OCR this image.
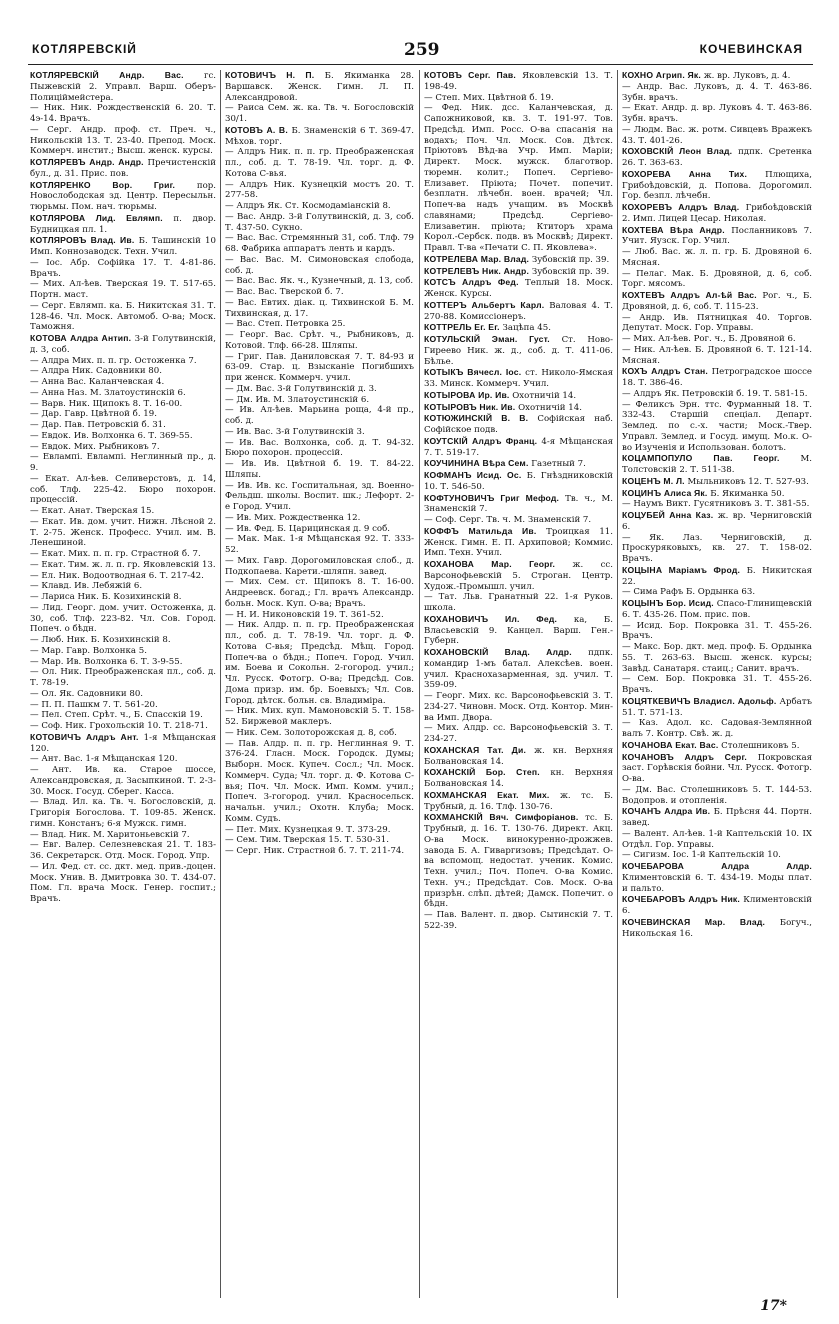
КОТЛЯРЕВСКІЙ	259	КОЧЕВИНСКАЯ
КОТЛЯРЕВСКІЙ Андр. Вас. гс. Пыжевскій 2. Управл. Варш. Оберъ-Полиціймейстера.
— Ник. Ник. Рождественскій 6. 20. Т. 4э-14. Врачъ.
— Серг. Андр. проф. ст. Преч. ч., Никольскій 13. Т. 23-40. Препод. Моск. Коммерч. инстит.; Высш. женск. курсы.
КОТЛЯРЕВЪ Андр. Андр. Пречистенскій бул., д. 31. Прис. пов.
КОТЛЯРЕНКО Вор. Григ. пор. Новослободская зд. Центр. Пересыльн. тюрьмы. Пом. нач. тюрьмы.
КОТЛЯРОВА Лид. Евлямп. п. двор. Будницкая пл. 1.
КОТЛЯРОВЪ Влад. Ив. Б. Ташинскій 10 Имп. Коннозаводск. Техн. Учил.
— Іос. Абр. Софійка 17. Т. 4-81-86. Врачъ.
— Мих. Ал-ѣев. Тверская 19. Т. 517-65. Портн. маст.
— Серг. Евлямп. ка. Б. Никитская 31. Т. 128-46. Чл. Моск. Автомоб. О-ва; Моск. Таможня.
КОТОВА Алдра Антип. 3-й Голутвинскій, д. 3, соб.
— Алдра Мих. п. п. гр. Остоженка 7.
— Алдра Ник. Садовники 80.
— Анна Вас. Каланчевская 4.
— Анна Наз. М. Златоустинскій 6.
— Варв. Ник. Щипокъ 8. Т. 16-00.
— Дар. Гавр. Цвѣтной б. 19.
— Дар. Пав. Петровскій б. 31.
— Евдок. Ив. Волхонка 6. Т. 369-55.
— Евдок. Мих. Рыбниковъ 7.
— Евлампі. Евлампі. Неглинный пр., д. 9.
— Екат. Ал-ѣев. Селиверстовъ, д. 14, соб. Тлф. 225-42. Бюро похорон. процессій.
— Екат. Анат. Тверская 15.
— Екат. Ив. дом. учит. Нижн. Лѣсной 2. Т. 2-75. Женск. Професс. Учил. им. В. Ленешиной.
— Екат. Мих. п. п. гр. Страстной б. 7.
— Екат. Тим. ж. л. п. гр. Яковлевскій 13.
— Ел. Ник. Водоотводная 6. Т. 217-42.
— Клавд. Ив. Лебяжій 6.
— Лариса Ник. Б. Козихинскій 8.
— Лид. Георг. дом. учит. Остоженка, д. 30, соб. Тлф. 223-82. Чл. Сов. Город. Попеч. о бѣдн.
— Люб. Ник. Б. Козихинскій 8.
— Мар. Гавр. Волхонка 5.
— Мар. Ив. Волхонка 6. Т. 3-9-55.
— Ол. Ник. Преображенская пл., соб. д. Т. 78-19.
— Ол. Як. Садовники 80.
— П. П. Пашкм 7. Т. 561-20.
— Пел. Степ. Срѣт. ч., Б. Спасскій 19.
— Соф. Ник. Грохольскій 10. Т. 218-71.
КОТОВИЧЪ Алдръ Ант. 1-я Мѣщанская 120.
— Ант. Вас. 1-я Мѣщанская 120.
— Ант. Ив. ка. Старое шоссе, Александровская, д. Засыпкиной. Т. 2-3-30. Моск. Госуд. Сберег. Касса.
— Влад. Ил. ка. Тв. ч. Богословскій, д. Григорія Богослова. Т. 109-85. Женск. гимн. Констанъ; 6-я Мужск. гимн.
— Влад. Ник. М. Харитоньевскій 7.
— Евг. Валер. Селезневская 21. Т. 183-36. Секретарск. Отд. Моск. Город. Упр.
— Ил. Фед. ст. сс. дкт. мед. прив.-доцен. Моск. Унив. В. Дмитровка 30. Т. 434-07. Пом. Гл. врача Моск. Генер. госпит.; Врачъ.
КОТОВИЧЪ Н. П. Б. Якиманка 28. Варшавск. Женск. Гимн. Л. П. Александровой.
— Раиса Сем. ж. ка. Тв. ч. Богословскій 30/1.
КОТОВЪ А. В. Б. Знаменскій 6 Т. 369-47. Мѣхов. торг.
— Алдръ Ник. п. п. гр. Преображенская пл., соб. д. Т. 78-19. Чл. торг. д. Ф. Котова С-вья.
— Алдръ Ник. Кузнецкій мостъ 20. Т. 277-58.
— Алдръ Як. Ст. Космодаміанскій 8.
— Вас. Андр. 3-й Голутвинскій, д. 3, соб. Т. 437-50. Сукно.
— Вас. Вас. Стремянный 31, соб. Тлф. 79 68. Фабрика аппаратъ ленть и кардъ.
— Вас. Вас. М. Симоновская слобода, соб. д.
— Вас. Вас. Як. ч., Кузнечный, д. 13, соб.
— Вас. Вас. Тверской б. 7.
— Вас. Евтих. діак. ц. Тихвинской Б. М. Тихвинская, д. 17.
— Вас. Степ. Петровка 25.
— Георг. Вас. Срѣт. ч., Рыбниковъ, д. Котовой. Тлф. 66-28. Шляпы.
— Григ. Пав. Даниловская 7. Т. 84-93 и 63-09. Стар. ц. Взысканіе Погибшихъ при женск. Коммерч. учил.
— Дм. Вас. 3-й Голутвинскій д. 3.
— Дм. Ив. М. Златоустинскій 6.
— Ив. Ал-ѣев. Марьина роща, 4-й пр., соб. д.
— Ив. Вас. 3-й Голутвинскій 3.
— Ив. Вас. Волхонка, соб. д. Т. 94-32. Бюро похорон. процессій.
— Ив. Ив. Цвѣтной б. 19. Т. 84-22. Шляпы.
— Ив. Ив. кс. Госпитальная, зд. Военно-Фельдш. школы. Воспит. шк.; Лефорт. 2-е Город. Учил.
— Ив. Мих. Рождественка 12.
— Ив. Фед. Б. Царицинская д. 9 соб.
— Мак. Мак. 1-я Мѣщанская 92. Т. 333-52.
— Мих. Гавр. Дорогомиловская слоб., д. Подкопаева. Карети.-шляпн. завед.
— Мих. Сем. ст. Щипокъ 8. Т. 16-00. Андреевск. богад.; Гл. врачъ Александр. больн. Моск. Куп. О-ва; Врачъ.
— Н. И. Никоновскій 19. Т. 361-52.
— Ник. Алдр. п. п. гр. Преображенская пл., соб. д. Т. 78-19. Чл. торг. д. Ф. Котова С-вья; Предсѣд. Мѣщ. Город. Попеч-ва о бѣдн.; Попеч. Город. Учил. им. Боева и Сокольн. 2-гогород. учил.; Чл. Русск. Фотогр. О-ва; Предсѣд. Сов. Дома призр. им. бр. Боевыхъ; Чл. Сов. Город. дѣтск. больн. св. Владиміра.
— Ник. Мих. куп. Мамоновскій 5. Т. 158-52. Биржевой маклеръ.
— Ник. Сем. Золоторожская д. 8, соб.
— Пав. Алдр. п. п. гр. Неглинная 9. Т. 376-24. Гласн. Моск. Городск. Думы; Выборн. Моск. Купеч. Сосл.; Чл. Моск. Коммерч. Суда; Чл. торг. д. Ф. Котова С-вья; Поч. Чл. Моск. Имп. Комм. учил.; Попеч. 3-гогород. учил. Красносельск. начальн. учил.; Охотн. Клуба; Моск. Комм. Судъ.
— Пет. Мих. Кузнецкая 9. Т. 373-29.
— Сем. Тим. Тверская 15. Т. 530-31.
— Серг. Ник. Страстной б. 7. Т. 211-74.
КОТОВЪ Серг. Пав. Яковлевскій 13. Т. 198-49.
— Степ. Мих. Цвѣтной б. 19.
— Фед. Ник. дсс. Каланчевская, д. Сапожниковой, кв. 3. Т. 191-97. Тов. Предсѣд. Имп. Росс. О-ва спасанія на водахъ; Поч. Чл. Моск. Сов. Дѣтск. Пріютовъ Вѣд-ва Учр. Имп. Маріи; Директ. Моск. мужск. благотвор. тюремн. колит.; Попеч. Сергіево-Елизавет. Пріюта; Почет. попечит. безплатн. лѣчебн. воен. врачей; Чл. Попеч-ва надъ учащим. въ Москвѣ славянами; Предсѣд. Сергіево-Елизаветин. пріюта; Ктиторъ храма Корол.-Сербск. подв. въ Москвѣ; Директ. Правл. Т-ва «Печати С. П. Яковлева».
КОТРЕЛЕВА Мар. Влад. Зубовскій пр. 39.
КОТРЕЛЕВЪ Ник. Андр. Зубовскій пр. 39.
КОТСЪ Алдръ Фед. Теплый 18. Моск. Женск. Курсы.
КОТТЕРЪ Альбертъ Карл. Валовая 4. Т. 270-88. Комиссіонеръ.
КОТТРЕЛЬ Ег. Ег. Зацѣпа 45.
КОТУЛЬСКІЙ Эман. Густ. Ст. Ново-Гиреево Ник. ж. д., соб. д. Т. 411-06. Бѣлье.
КОТЫКЪ Вячесл. Іос. ст. Николо-Ямская 33. Минск. Коммерч. Учил.
КОТЫРОВА Ир. Ив. Охотничій 14.
КОТЫРОВЪ Ник. Ив. Охотничій 14.
КОТЮЖИНСКІЙ В. В. Софійская наб. Софійское подв.
КОУТСКІЙ Алдръ Франц. 4-я Мѣщанская 7. Т. 519-17.
КОУЧИНИНА Вѣра Сем. Газетный 7.
КОФМАНЪ Исид. Ос. Б. Гнѣздниковскій 10. Т. 546-50.
КОФТУНОВИЧЪ Григ Мефод. Тв. ч., М. Знаменскій 7.
— Соф. Серг. Тв. ч. М. Знаменскій 7.
КОФФЪ Матильда Ив. Троицкая 11. Женск. Гимн. Е. П. Архиповой; Коммис. Имп. Техн. Учил.
КОХАНОВА Мар. Георг. ж. сс. Варсонофьевскій 5. Строган. Центр. Худож.-Промышл. учил.
— Тат. Льв. Гранатный 22. 1-я Руков. школа.
КОХАНОВИЧЪ Ил. Фед. ка, Б. Власьевскій 9. Канцел. Варш. Ген.-Губерн.
КОХАНОВСКІЙ Влад. Алдр. пдпк. командир 1-мъ батал. Алексѣев. воен. учил. Краснохазарменная, зд. учил. Т. 359-09.
— Георг. Мих. кс. Варсонофьевскій 3. Т. 234-27. Чиновн. Моск. Отд. Контор. Мин-ва Имп. Двора.
— Мих. Алдр. сс. Варсонофьевскій 3. Т. 234-27.
КОХАНСКАЯ Тат. Ди. ж. кн. Верхняя Болвановская 14.
КОХАНСКІЙ Бор. Степ. кн. Верхняя Болвановская 14.
КОХМАНСКАЯ Екат. Мих. ж. тс. Б. Трубный, д. 16. Тлф. 130-76.
КОХМАНСКІЙ Вяч. Симфоріанов. тс. Б. Трубный, д. 16. Т. 130-76. Директ. Акц. О-ва Моск. винокуренно-дрожжев. завода Б. А. Гиваргизовъ; Предсѣдат. О-ва вспомощ. недостат. ученик. Комис. Техн. учил.; Поч. Попеч. О-ва Комис. Техн. уч.; Предсѣдат. Сов. Моск. О-ва призрѣн. слѣп. дѣтей; Дамск. Попечит. о бѣдн.
— Пав. Валент. п. двор. Сытинскій 7. Т. 522-39.
КОХНО Агрип. Як. ж. вр. Луковъ, д. 4.
— Андр. Вас. Луковъ, д. 4. Т. 463-86. Зубн. врачъ.
— Екат. Андр. д. вр. Луковъ 4. Т. 463-86. Зубн. врачъ.
— Людм. Вас. ж. ротм. Сивцевъ Вражекъ 43. Т. 401-26.
КОХОВСКІЙ Леон Влад. пдпк. Сретенка 26. Т. 363-63.
КОХОРЕВА Анна Тих. Плющиха, Грибоѣдовскій, д. Попова. Дорогомил. Гор. безпл. лѣчебн.
КОХОРЕВЪ Алдръ Влад. Грибоѣдовскій 2. Имп. Лицей Цесар. Николая.
КОХТЕВА Вѣра Андр. Посланниковъ 7. Учит. Яузск. Гор. Учил.
— Люб. Вас. ж. л. п. гр. Б. Дровяной 6. Мясная.
— Пелаг. Мак. Б. Дровяной, д. 6, соб. Торг. мясомъ.
КОХТЕВЪ Алдръ Ал-ѣй Вас. Рог. ч., Б. Дровяной, д. 6, соб. Т. 115-23.
— Андр. Ив. Пятницкая 40. Торгов. Депутат. Моск. Гор. Управы.
— Мих. Ал-ѣев. Рог. ч., Б. Дровяной 6.
— Ник. Ал-ѣев. Б. Дровяной 6. Т. 121-14. Мясная.
КОХЪ Алдръ Стан. Петроградское шоссе 18. Т. 386-46.
— Алдръ Як. Петровскій б. 19. Т. 581-15.
— Феликсъ Эрн. ттс. Фурманный 18. Т. 332-43. Старшій спеціал. Департ. Землед. по с.-х. части; Моск.-Твер. Управл. Землед. и Госуд. имущ. Мо.к. О-во Изученія и Использован. болотъ.
КОЦАМПОПУЛО Пав. Георг. М. Толстовскій 2. Т. 511-38.
КОЦЕНЪ М. Л. Мыльниковъ 12. Т. 527-93.
КОЦИНЪ Алиса Як. Б. Якиманка 50.
— Наумъ Викт. Гусятниковъ 3. Т. 381-55.
КОЦУБЕЙ Анна Каз. ж. вр. Черниговскій 6.
— Як. Лаз. Черниговскій, д. Проскуряковыхъ, кв. 27. Т. 158-02. Врачъ.
КОЦЫНА Маріамъ Фрод. Б. Никитская 22.
— Сима Рафъ Б. Ордынка 63.
КОЦЫНЪ Бор. Исид. Спасо-Глинищевскій 6. Т. 435-26. Пом. прис. пов.
— Исид. Бор. Покровка 31. Т. 455-26. Врачъ.
— Макс. Бор. дкт. мед. проф. Б. Ордынка 55. Т. 263-63. Высш. женск. курсы; Завѣд. Санатаря. стаиц.; Санит. врачъ.
— Сем. Бор. Покровка 31. Т. 455-26. Врачъ.
КОЦЯТКЕВИЧЪ Владисл. Адольф. Арбатъ 51. Т. 571-13.
— Каз. Адол. кс. Садовая-Землянной валъ 7. Контр. Свѣ. ж. д.
КОЧАНОВА Екат. Вас. Столешниковъ 5.
КОЧАНОВЪ Алдръ Серг. Покровская заст. Горѣвскія бойни. Чл. Русск. Фотогр. О-ва.
— Дм. Вас. Столешниковъ 5. Т. 144-53. Водопров. и отопленія.
КОЧАНЪ Алдра Ив. Б. Прѣсня 44. Портн. завед.
— Валент. Ал-ѣев. 1-й Каптельскій 10. IX Отдѣл. Гор. Управы.
— Сигизм. Іос. 1-й Каптельскій 10.
КОЧЕБАРОВА Алдра Алдр. Климентовскій 6. Т. 434-19. Моды плат. и пальто.
КОЧЕБАРОВЪ Алдръ Ник. Климентовскій 6.
КОЧЕВИНСКАЯ Мар. Влад. Богуч., Никольская 16.
17*
